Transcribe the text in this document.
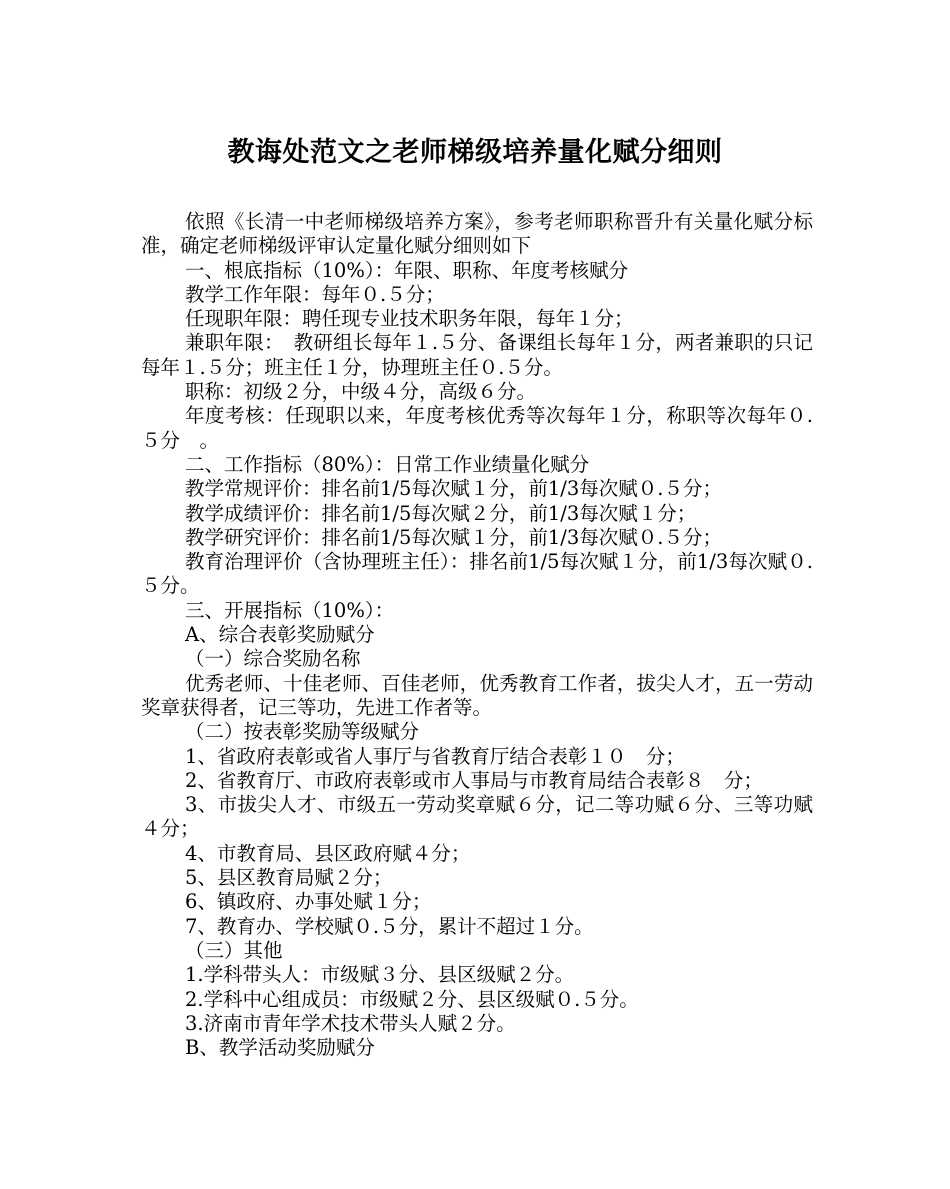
教诲处范文之老师梯级培养量化赋分细则

依照《长清一中老师梯级培养方案》，参考老师职称晋升有关量化赋分标准，确定老师梯级评审认定量化赋分细则如下

一、根底指标（10%）：年限、职称、年度考核赋分

教学工作年限：每年０.５分；

任现职年限：聘任现专业技术职务年限，每年１分；

兼职年限：　教研组长每年１.５分、备课组长每年１分，两者兼职的只记每年１.５分；班主任１分，协理班主任０.５分。

职称：初级２分，中级４分，高级６分。

年度考核：任现职以来，年度考核优秀等次每年１分，称职等次每年０.５分　。

二、工作指标（80%）：日常工作业绩量化赋分

教学常规评价：排名前1/5每次赋１分，前1/3每次赋０.５分；

教学成绩评价：排名前1/5每次赋２分，前1/3每次赋１分；

教学研究评价：排名前1/5每次赋１分，前1/3每次赋０.５分；

教育治理评价（含协理班主任）：排名前1/5每次赋１分，前1/3每次赋０.５分。

三、开展指标（10%）：

A、综合表彰奖励赋分

（一）综合奖励名称

优秀老师、十佳老师、百佳老师，优秀教育工作者，拔尖人才，五一劳动奖章获得者，记三等功，先进工作者等。

（二）按表彰奖励等级赋分

1、省政府表彰或省人事厅与省教育厅结合表彰１０　分；

2、省教育厅、市政府表彰或市人事局与市教育局结合表彰８　分；

3、市拔尖人才、市级五一劳动奖章赋６分，记二等功赋６分、三等功赋４分；

4、市教育局、县区政府赋４分；

5、县区教育局赋２分；

6、镇政府、办事处赋１分；

7、教育办、学校赋０.５分，累计不超过１分。

（三）其他

1.学科带头人：市级赋３分、县区级赋２分。

2.学科中心组成员：市级赋２分、县区级赋０.５分。

3.济南市青年学术技术带头人赋２分。

B、教学活动奖励赋分
